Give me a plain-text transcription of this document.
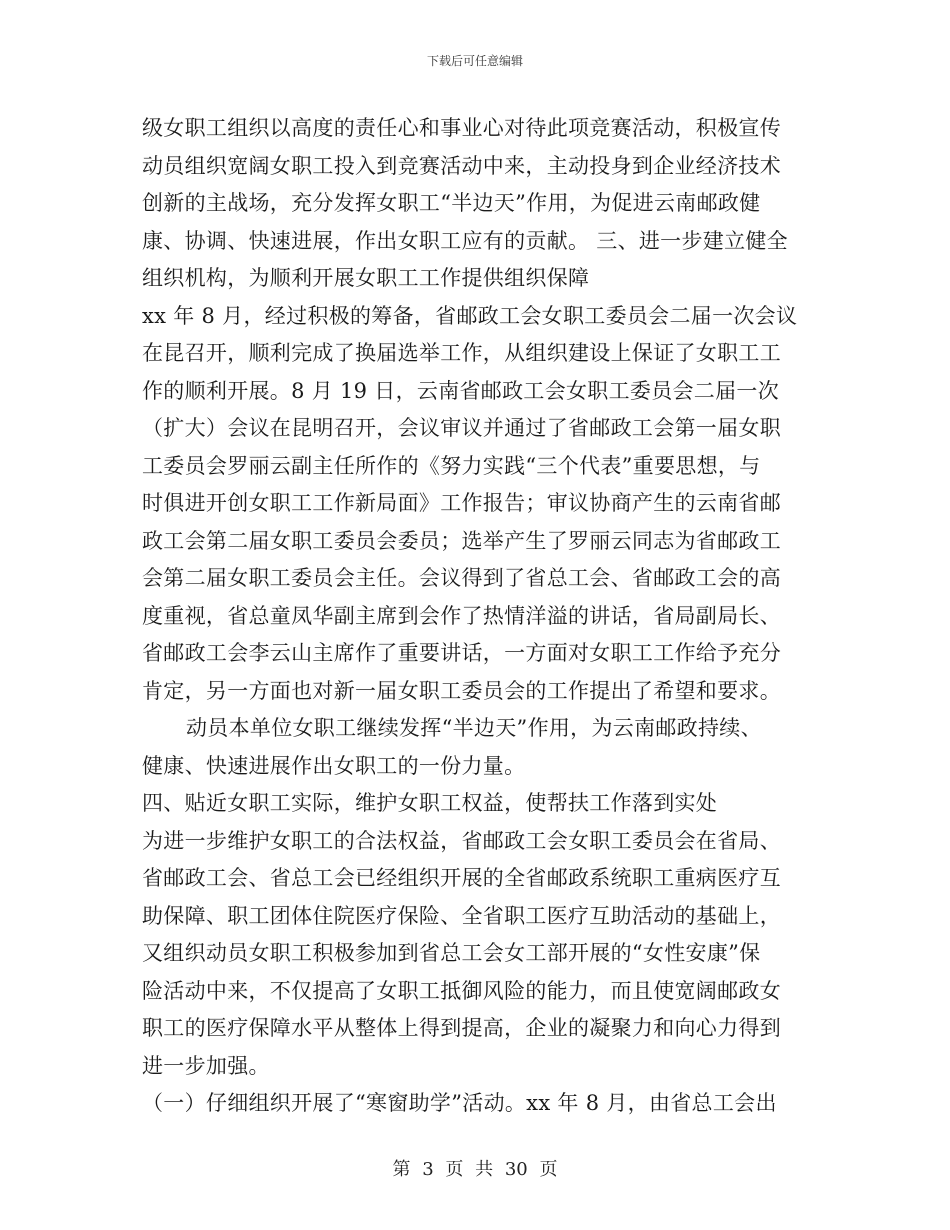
下载后可任意编辑
级女职工组织以高度的责任心和事业心对待此项竞赛活动，积极宣传
动员组织宽阔女职工投入到竞赛活动中来，主动投身到企业经济技术
创新的主战场，充分发挥女职工“半边天”作用，为促进云南邮政健
康、协调、快速进展，作出女职工应有的贡献。 三、进一步建立健全
组织机构，为顺利开展女职工工作提供组织保障
xx 年 8 月，经过积极的筹备，省邮政工会女职工委员会二届一次会议
在昆召开，顺利完成了换届选举工作，从组织建设上保证了女职工工
作的顺利开展。8 月 19 日，云南省邮政工会女职工委员会二届一次
（扩大）会议在昆明召开，会议审议并通过了省邮政工会第一届女职
工委员会罗丽云副主任所作的《努力实践“三个代表”重要思想，与
时俱进开创女职工工作新局面》工作报告；审议协商产生的云南省邮
政工会第二届女职工委员会委员；选举产生了罗丽云同志为省邮政工
会第二届女职工委员会主任。会议得到了省总工会、省邮政工会的高
度重视，省总童凤华副主席到会作了热情洋溢的讲话，省局副局长、
省邮政工会李云山主席作了重要讲话，一方面对女职工工作给予充分
肯定，另一方面也对新一届女职工委员会的工作提出了希望和要求。
动员本单位女职工继续发挥“半边天”作用，为云南邮政持续、
健康、快速进展作出女职工的一份力量。
四、贴近女职工实际，维护女职工权益，使帮扶工作落到实处
为进一步维护女职工的合法权益，省邮政工会女职工委员会在省局、
省邮政工会、省总工会已经组织开展的全省邮政系统职工重病医疗互
助保障、职工团体住院医疗保险、全省职工医疗互助活动的基础上，
又组织动员女职工积极参加到省总工会女工部开展的“女性安康”保
险活动中来，不仅提高了女职工抵御风险的能力，而且使宽阔邮政女
职工的医疗保障水平从整体上得到提高，企业的凝聚力和向心力得到
进一步加强。
（一）仔细组织开展了“寒窗助学”活动。xx 年 8 月，由省总工会出
第 3 页 共 30 页
